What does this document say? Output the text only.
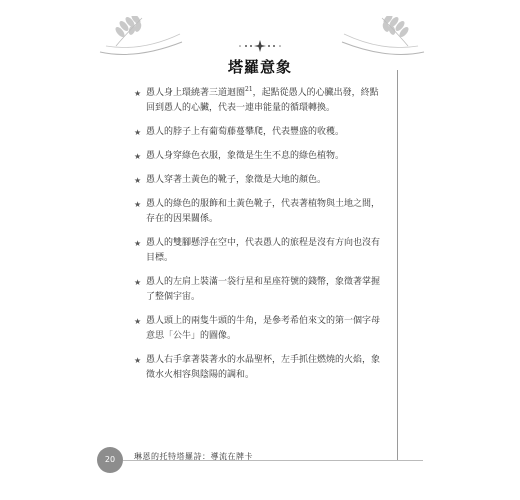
塔羅意象
★ 愚人身上環繞著三道迴圈$^{21}$，起點從愚人的心臟出發，終點回到愚人的心臟，代表一連串能量的循環轉換。
★ 愚人的脖子上有葡萄藤蔓攀爬，代表豐盛的收穫。
★ 愚人身穿綠色衣服，象徵是生生不息的綠色植物。
★ 愚人穿著土黃色的靴子，象徵是大地的顏色。
★ 愚人的綠色的服飾和土黃色靴子，代表著植物與土地之間，存在的因果關係。
★ 愚人的雙腳懸浮在空中，代表愚人的旅程是沒有方向也沒有目標。
★ 愚人的左肩上裝滿一袋行星和星座符號的錢幣，象徵著掌握了整個宇宙。
★ 愚人頭上的兩隻牛頭的牛角，是參考希伯來文的第一個字母意思「公牛」的圖像。
★ 愚人右手拿著裝著水的水晶聖杯，左手抓住燃燒的火焰，象徵水火相容與陰陽的調和。
20	琳恩的托特塔羅詩：導流在牌卡
